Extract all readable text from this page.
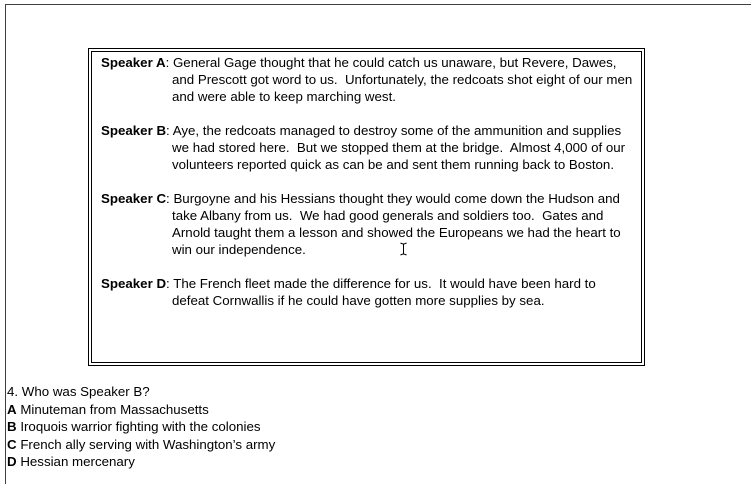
Speaker A: General Gage thought that he could catch us unaware, but Revere, Dawes, and Prescott got word to us.  Unfortunately, the redcoats shot eight of our men and were able to keep marching west.

Speaker B: Aye, the redcoats managed to destroy some of the ammunition and supplies we had stored here.  But we stopped them at the bridge.  Almost 4,000 of our volunteers reported quick as can be and sent them running back to Boston.

Speaker C: Burgoyne and his Hessians thought they would come down the Hudson and take Albany from us.  We had good generals and soldiers too.  Gates and Arnold taught them a lesson and showed the Europeans we had the heart to win our independence.

Speaker D: The French fleet made the difference for us.  It would have been hard to defeat Cornwallis if he could have gotten more supplies by sea.

4. Who was Speaker B?
A Minuteman from Massachusetts
B Iroquois warrior fighting with the colonies
C French ally serving with Washington’s army
D Hessian mercenary
